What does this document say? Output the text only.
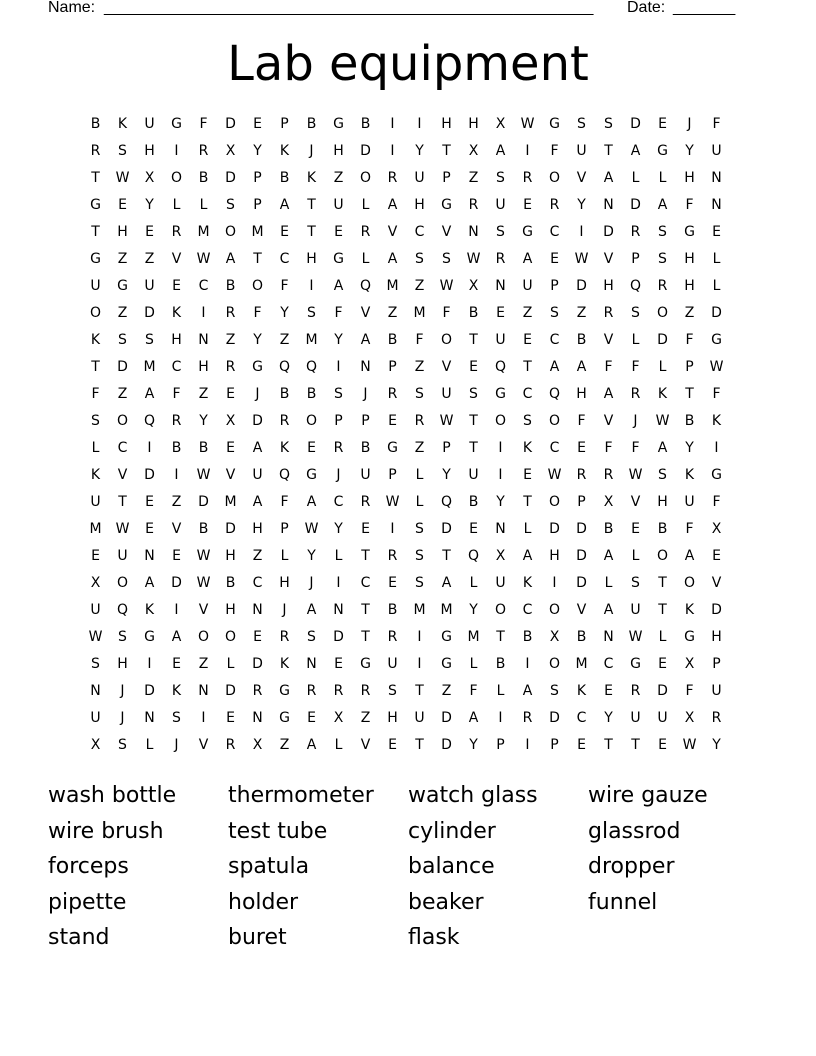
Name: _______________________________________________________ Date: _______
Lab equipment
B	K	U	G	F	D	E	P	B	G	B	I	I	H	H	X	W	G	S	S	D	E	J	F
R	S	H	I	R	X	Y	K	J	H	D	I	Y	T	X	A	I	F	U	T	A	G	Y	U
T	W	X	O	B	D	P	B	K	Z	O	R	U	P	Z	S	R	O	V	A	L	L	H	N
G	E	Y	L	L	S	P	A	T	U	L	A	H	G	R	U	E	R	Y	N	D	A	F	N
T	H	E	R	M	O	M	E	T	E	R	V	C	V	N	S	G	C	I	D	R	S	G	E
G	Z	Z	V	W	A	T	C	H	G	L	A	S	S	W	R	A	E	W	V	P	S	H	L
U	G	U	E	C	B	O	F	I	A	Q	M	Z	W	X	N	U	P	D	H	Q	R	H	L
O	Z	D	K	I	R	F	Y	S	F	V	Z	M	F	B	E	Z	S	Z	R	S	O	Z	D
K	S	S	H	N	Z	Y	Z	M	Y	A	B	F	O	T	U	E	C	B	V	L	D	F	G
T	D	M	C	H	R	G	Q	Q	I	N	P	Z	V	E	Q	T	A	A	F	F	L	P	W
F	Z	A	F	Z	E	J	B	B	S	J	R	S	U	S	G	C	Q	H	A	R	K	T	F
S	O	Q	R	Y	X	D	R	O	P	P	E	R	W	T	O	S	O	F	V	J	W	B	K
L	C	I	B	B	E	A	K	E	R	B	G	Z	P	T	I	K	C	E	F	F	A	Y	I
K	V	D	I	W	V	U	Q	G	J	U	P	L	Y	U	I	E	W	R	R	W	S	K	G
U	T	E	Z	D	M	A	F	A	C	R	W	L	Q	B	Y	T	O	P	X	V	H	U	F
M	W	E	V	B	D	H	P	W	Y	E	I	S	D	E	N	L	D	D	B	E	B	F	X
E	U	N	E	W	H	Z	L	Y	L	T	R	S	T	Q	X	A	H	D	A	L	O	A	E
X	O	A	D	W	B	C	H	J	I	C	E	S	A	L	U	K	I	D	L	S	T	O	V
U	Q	K	I	V	H	N	J	A	N	T	B	M	M	Y	O	C	O	V	A	U	T	K	D
W	S	G	A	O	O	E	R	S	D	T	R	I	G	M	T	B	X	B	N	W	L	G	H
S	H	I	E	Z	L	D	K	N	E	G	U	I	G	L	B	I	O	M	C	G	E	X	P
N	J	D	K	N	D	R	G	R	R	R	S	T	Z	F	L	A	S	K	E	R	D	F	U
U	J	N	S	I	E	N	G	E	X	Z	H	U	D	A	I	R	D	C	Y	U	U	X	R
X	S	L	J	V	R	X	Z	A	L	V	E	T	D	Y	P	I	P	E	T	T	E	W	Y
wash bottle	thermometer	watch glass	wire gauze
wire brush	test tube	cylinder	glassrod
forceps	spatula	balance	dropper
pipette	holder	beaker	funnel
stand	buret	flask
